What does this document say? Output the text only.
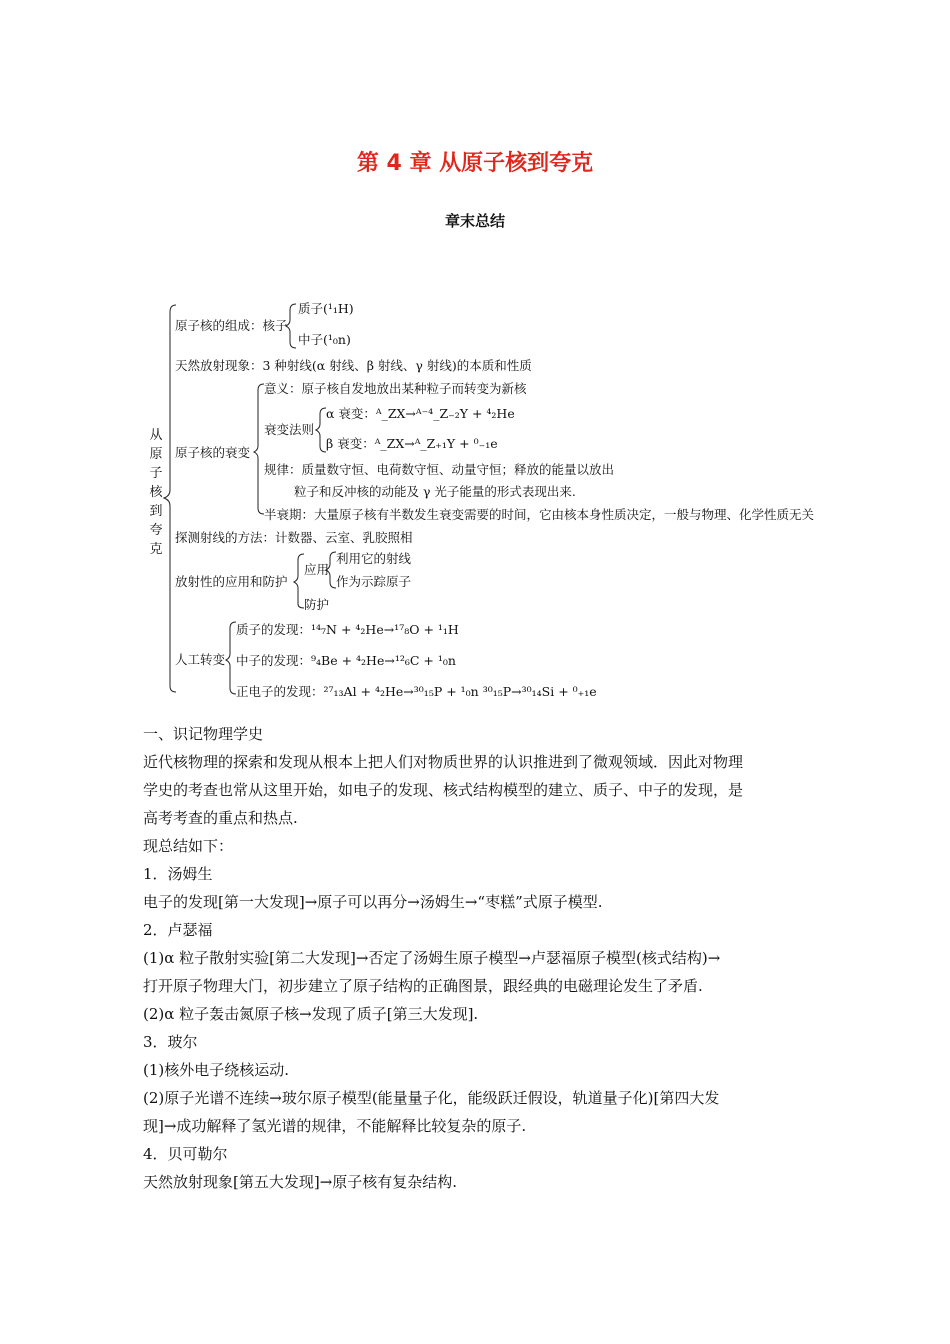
第 4 章 从原子核到夸克
章末总结
从原子核到夸克
原子核的组成：核子
质子(¹₁H)
中子(¹₀n)
天然放射现象：3 种射线(α 射线、β 射线、γ 射线)的本质和性质
原子核的衰变
意义：原子核自发地放出某种粒子而转变为新核
衰变法则
α 衰变：ᴬ_ZX→ᴬ⁻⁴_Z₋₂Y + ⁴₂He
β 衰变：ᴬ_ZX→ᴬ_Z₊₁Y + ⁰₋₁e
规律：质量数守恒、电荷数守恒、动量守恒；释放的能量以放出
粒子和反冲核的动能及 γ 光子能量的形式表现出来.
半衰期：大量原子核有半数发生衰变需要的时间，它由核本身性质决定，一般与物理、化学性质无关
探测射线的方法：计数器、云室、乳胶照相
放射性的应用和防护
应用
利用它的射线
作为示踪原子
防护
人工转变
质子的发现：¹⁴₇N + ⁴₂He→¹⁷₈O + ¹₁H
中子的发现：⁹₄Be + ⁴₂He→¹²₆C + ¹₀n
正电子的发现：²⁷₁₃Al + ⁴₂He→³⁰₁₅P + ¹₀n ³⁰₁₅P→³⁰₁₄Si + ⁰₊₁e
一、识记物理学史
近代核物理的探索和发现从根本上把人们对物质世界的认识推进到了微观领域．因此对物理
学史的考查也常从这里开始，如电子的发现、核式结构模型的建立、质子、中子的发现，是
高考考查的重点和热点.
现总结如下：
1．汤姆生
电子的发现[第一大发现]→原子可以再分→汤姆生→“枣糕”式原子模型.
2．卢瑟福
(1)α 粒子散射实验[第二大发现]→否定了汤姆生原子模型→卢瑟福原子模型(核式结构)→
打开原子物理大门，初步建立了原子结构的正确图景，跟经典的电磁理论发生了矛盾.
(2)α 粒子轰击氮原子核→发现了质子[第三大发现].
3．玻尔
(1)核外电子绕核运动.
(2)原子光谱不连续→玻尔原子模型(能量量子化，能级跃迁假设，轨道量子化)[第四大发
现]→成功解释了氢光谱的规律，不能解释比较复杂的原子.
4．贝可勒尔
天然放射现象[第五大发现]→原子核有复杂结构.
